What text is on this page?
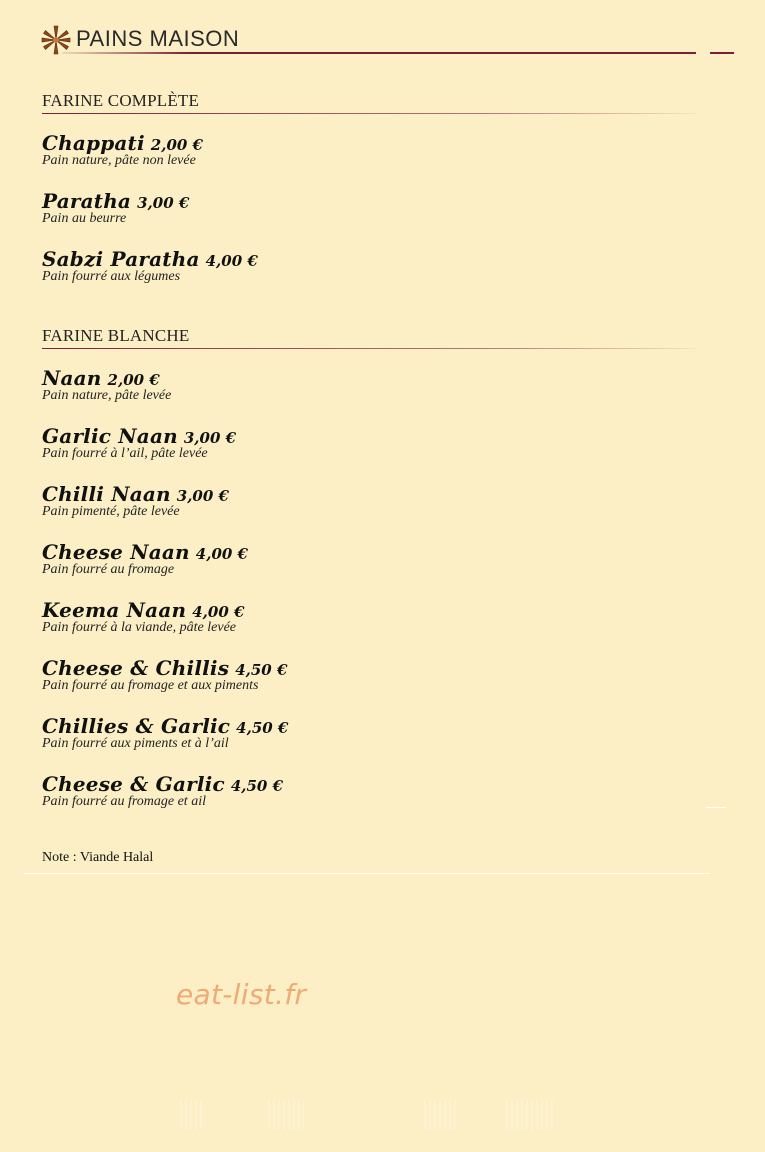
PAINS MAISON
FARINE COMPLÈTE
Chappati 2,00 €
Pain nature, pâte non levée
Paratha 3,00 €
Pain au beurre
Sabzi Paratha 4,00 €
Pain fourré aux légumes
FARINE BLANCHE
Naan 2,00 €
Pain nature, pâte levée
Garlic Naan 3,00 €
Pain fourré à l’ail, pâte levée
Chilli Naan 3,00 €
Pain pimenté, pâte levée
Cheese Naan 4,00 €
Pain fourré au fromage
Keema Naan 4,00 €
Pain fourré à la viande, pâte levée
Cheese & Chillis 4,50 €
Pain fourré au fromage et aux piments
Chillies & Garlic 4,50 €
Pain fourré aux piments et à l’ail
Cheese & Garlic 4,50 €
Pain fourré au fromage et ail
Note : Viande Halal
eat-list.fr
